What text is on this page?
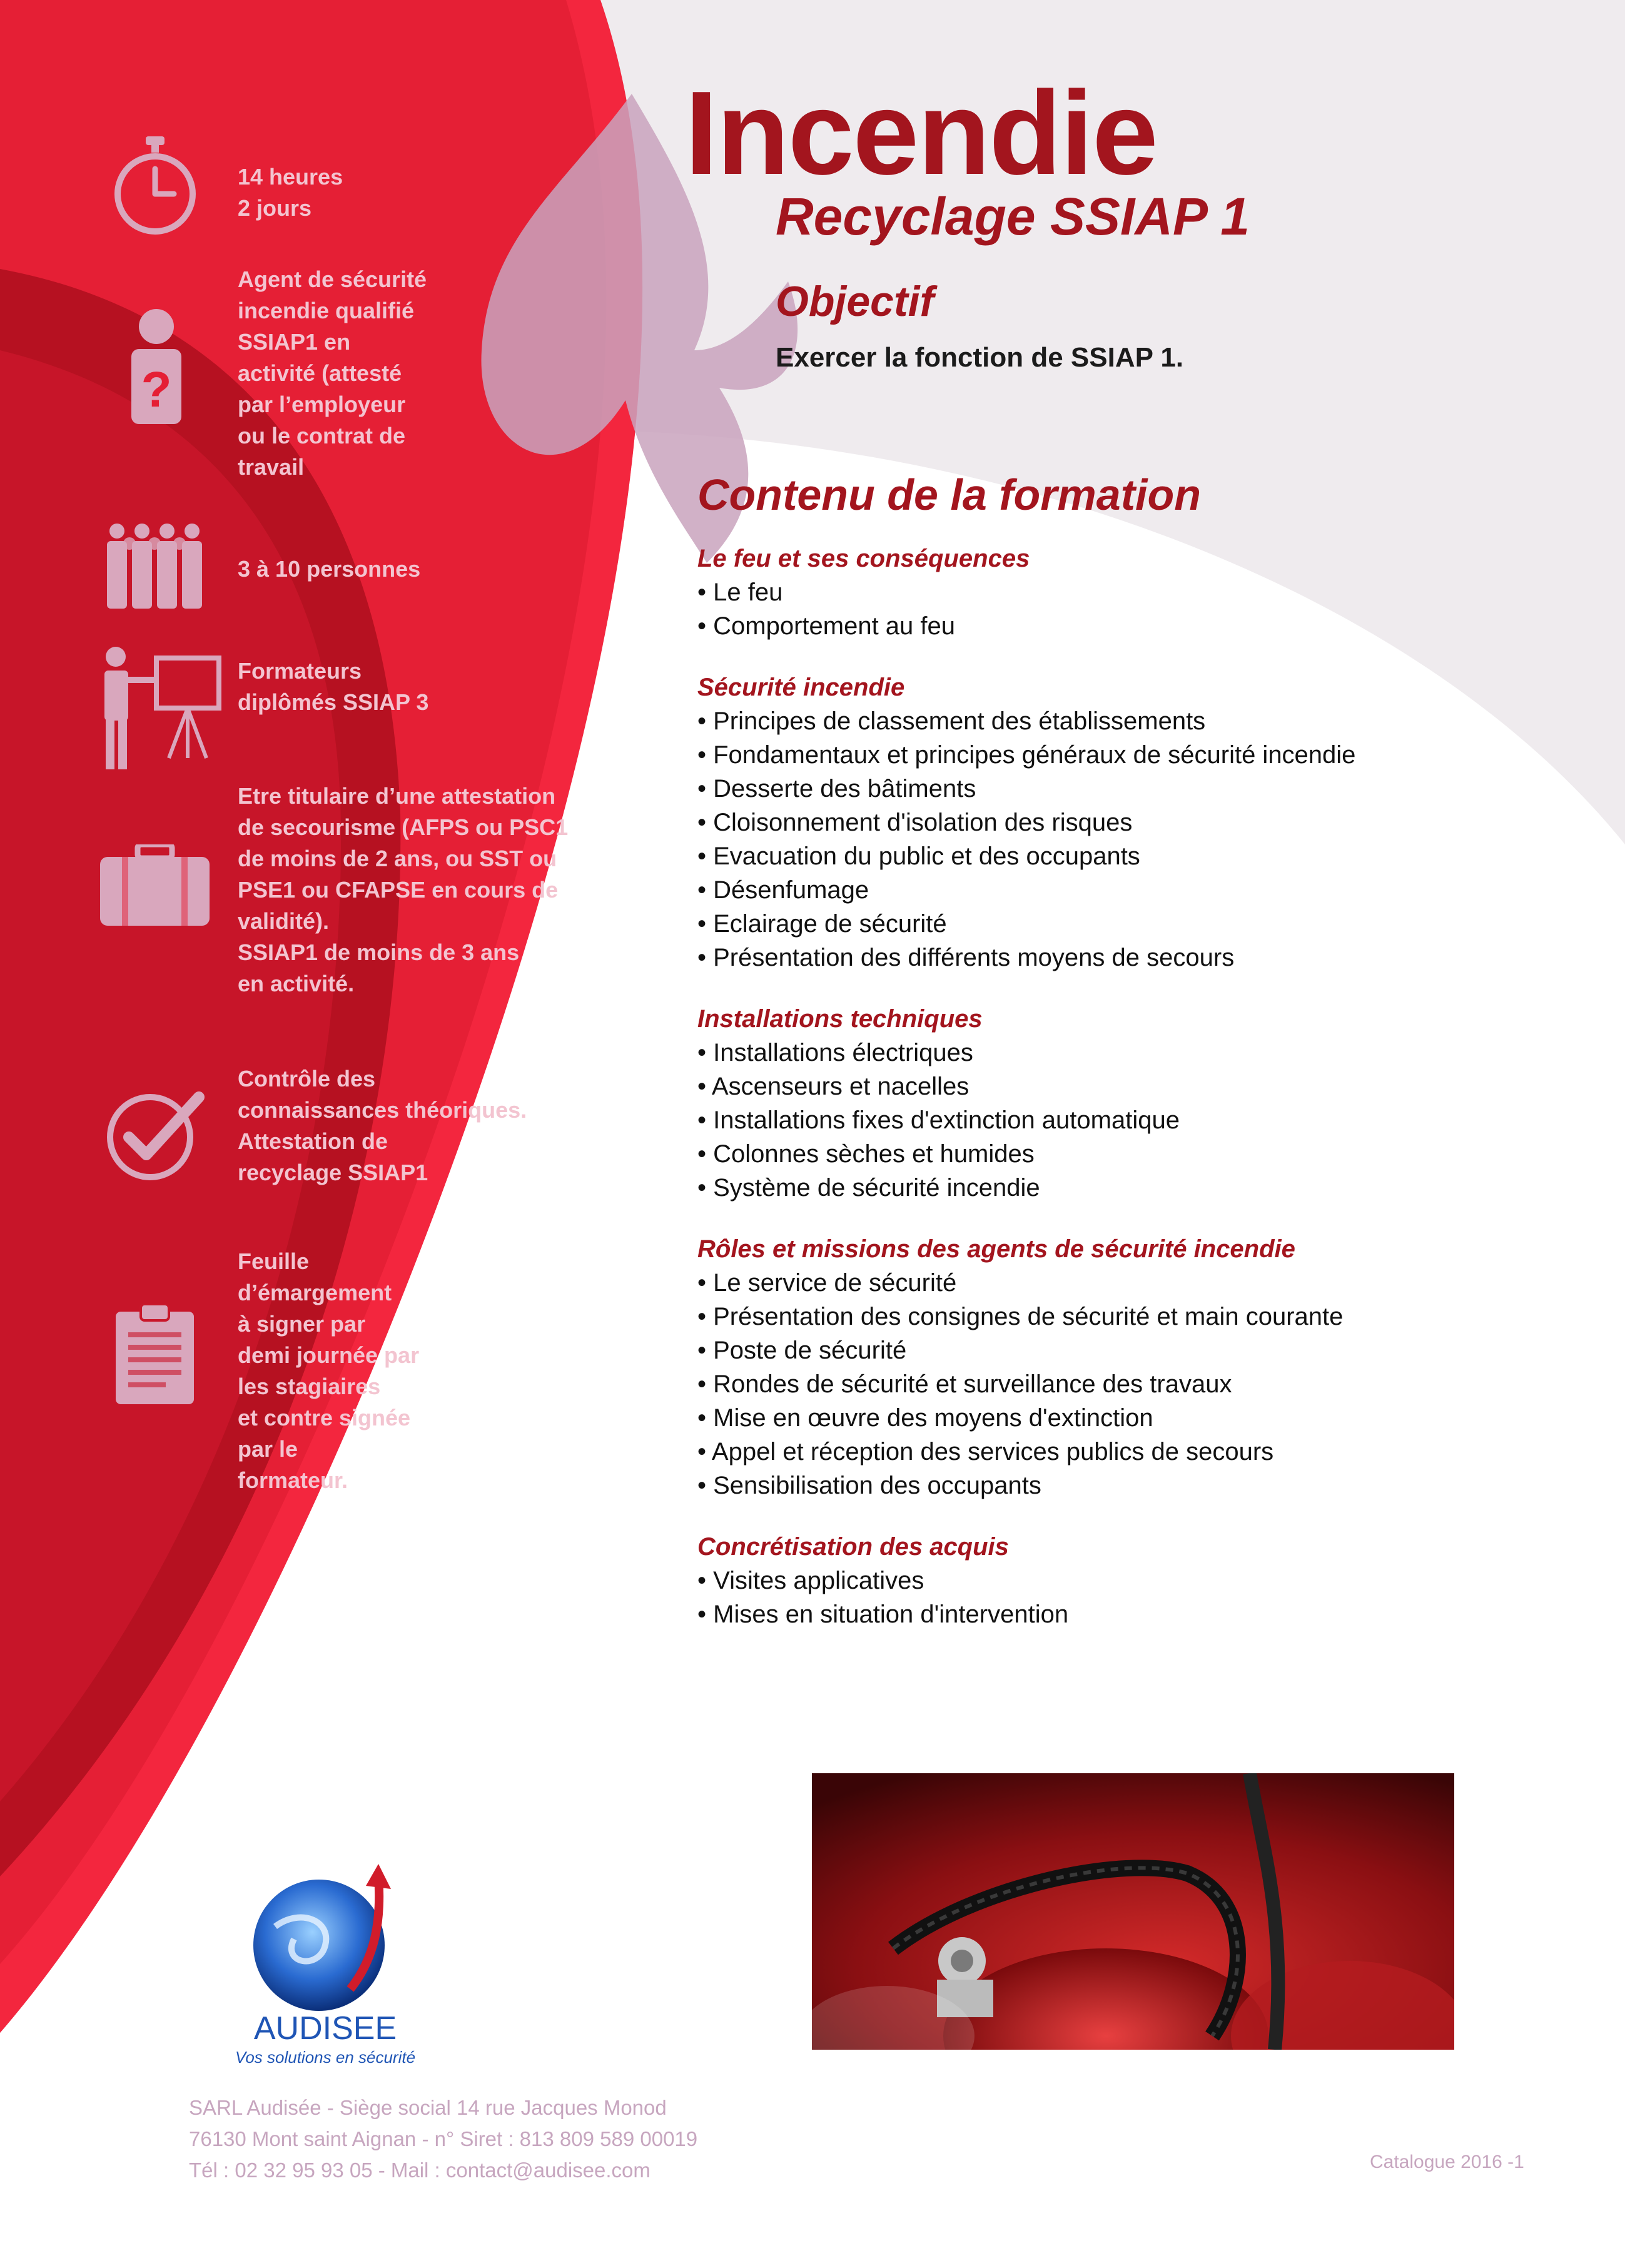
Incendie
Recyclage SSIAP 1
Objectif
Exercer la fonction de SSIAP 1.
Contenu de la formation
Le feu et ses conséquences
• Le feu
• Comportement au feu
Sécurité incendie
• Principes de classement des établissements
• Fondamentaux et principes généraux de sécurité incendie
• Desserte des bâtiments
• Cloisonnement d'isolation des risques
• Evacuation du public et des occupants
• Désenfumage
• Eclairage de sécurité
• Présentation des différents moyens de secours
Installations techniques
• Installations électriques
• Ascenseurs et nacelles
• Installations fixes d'extinction automatique
• Colonnes sèches et humides
• Système de sécurité incendie
Rôles et missions des agents de sécurité incendie
• Le service de sécurité
• Présentation des consignes de sécurité et main courante
• Poste de sécurité
• Rondes de sécurité et surveillance des travaux
• Mise en œuvre des moyens d'extinction
• Appel et réception des services publics de secours
• Sensibilisation des occupants
Concrétisation des acquis
• Visites applicatives
• Mises en situation d'intervention
14 heures
2 jours
?
Agent de sécurité
incendie qualifié
SSIAP1 en
activité (attesté
par l’employeur
ou le contrat de
travail
3 à 10 personnes
Formateurs
diplômés SSIAP 3
Etre titulaire d’une attestation
de secourisme (AFPS ou PSC1
de moins de 2 ans, ou SST ou
PSE1 ou CFAPSE en cours de
validité).
SSIAP1 de moins de 3 ans
en activité.
Contrôle des
connaissances théoriques.
Attestation de
recyclage SSIAP1
Feuille
d’émargement
à signer par
demi journée par
les stagiaires
et contre signée
par le
formateur.
AUDISEE
Vos solutions en sécurité
SARL Audisée - Siège social 14 rue Jacques Monod
76130 Mont saint Aignan - n° Siret : 813 809 589 00019
Tél : 02 32 95 93 05 - Mail : contact@audisee.com	Catalogue 2016 -1
